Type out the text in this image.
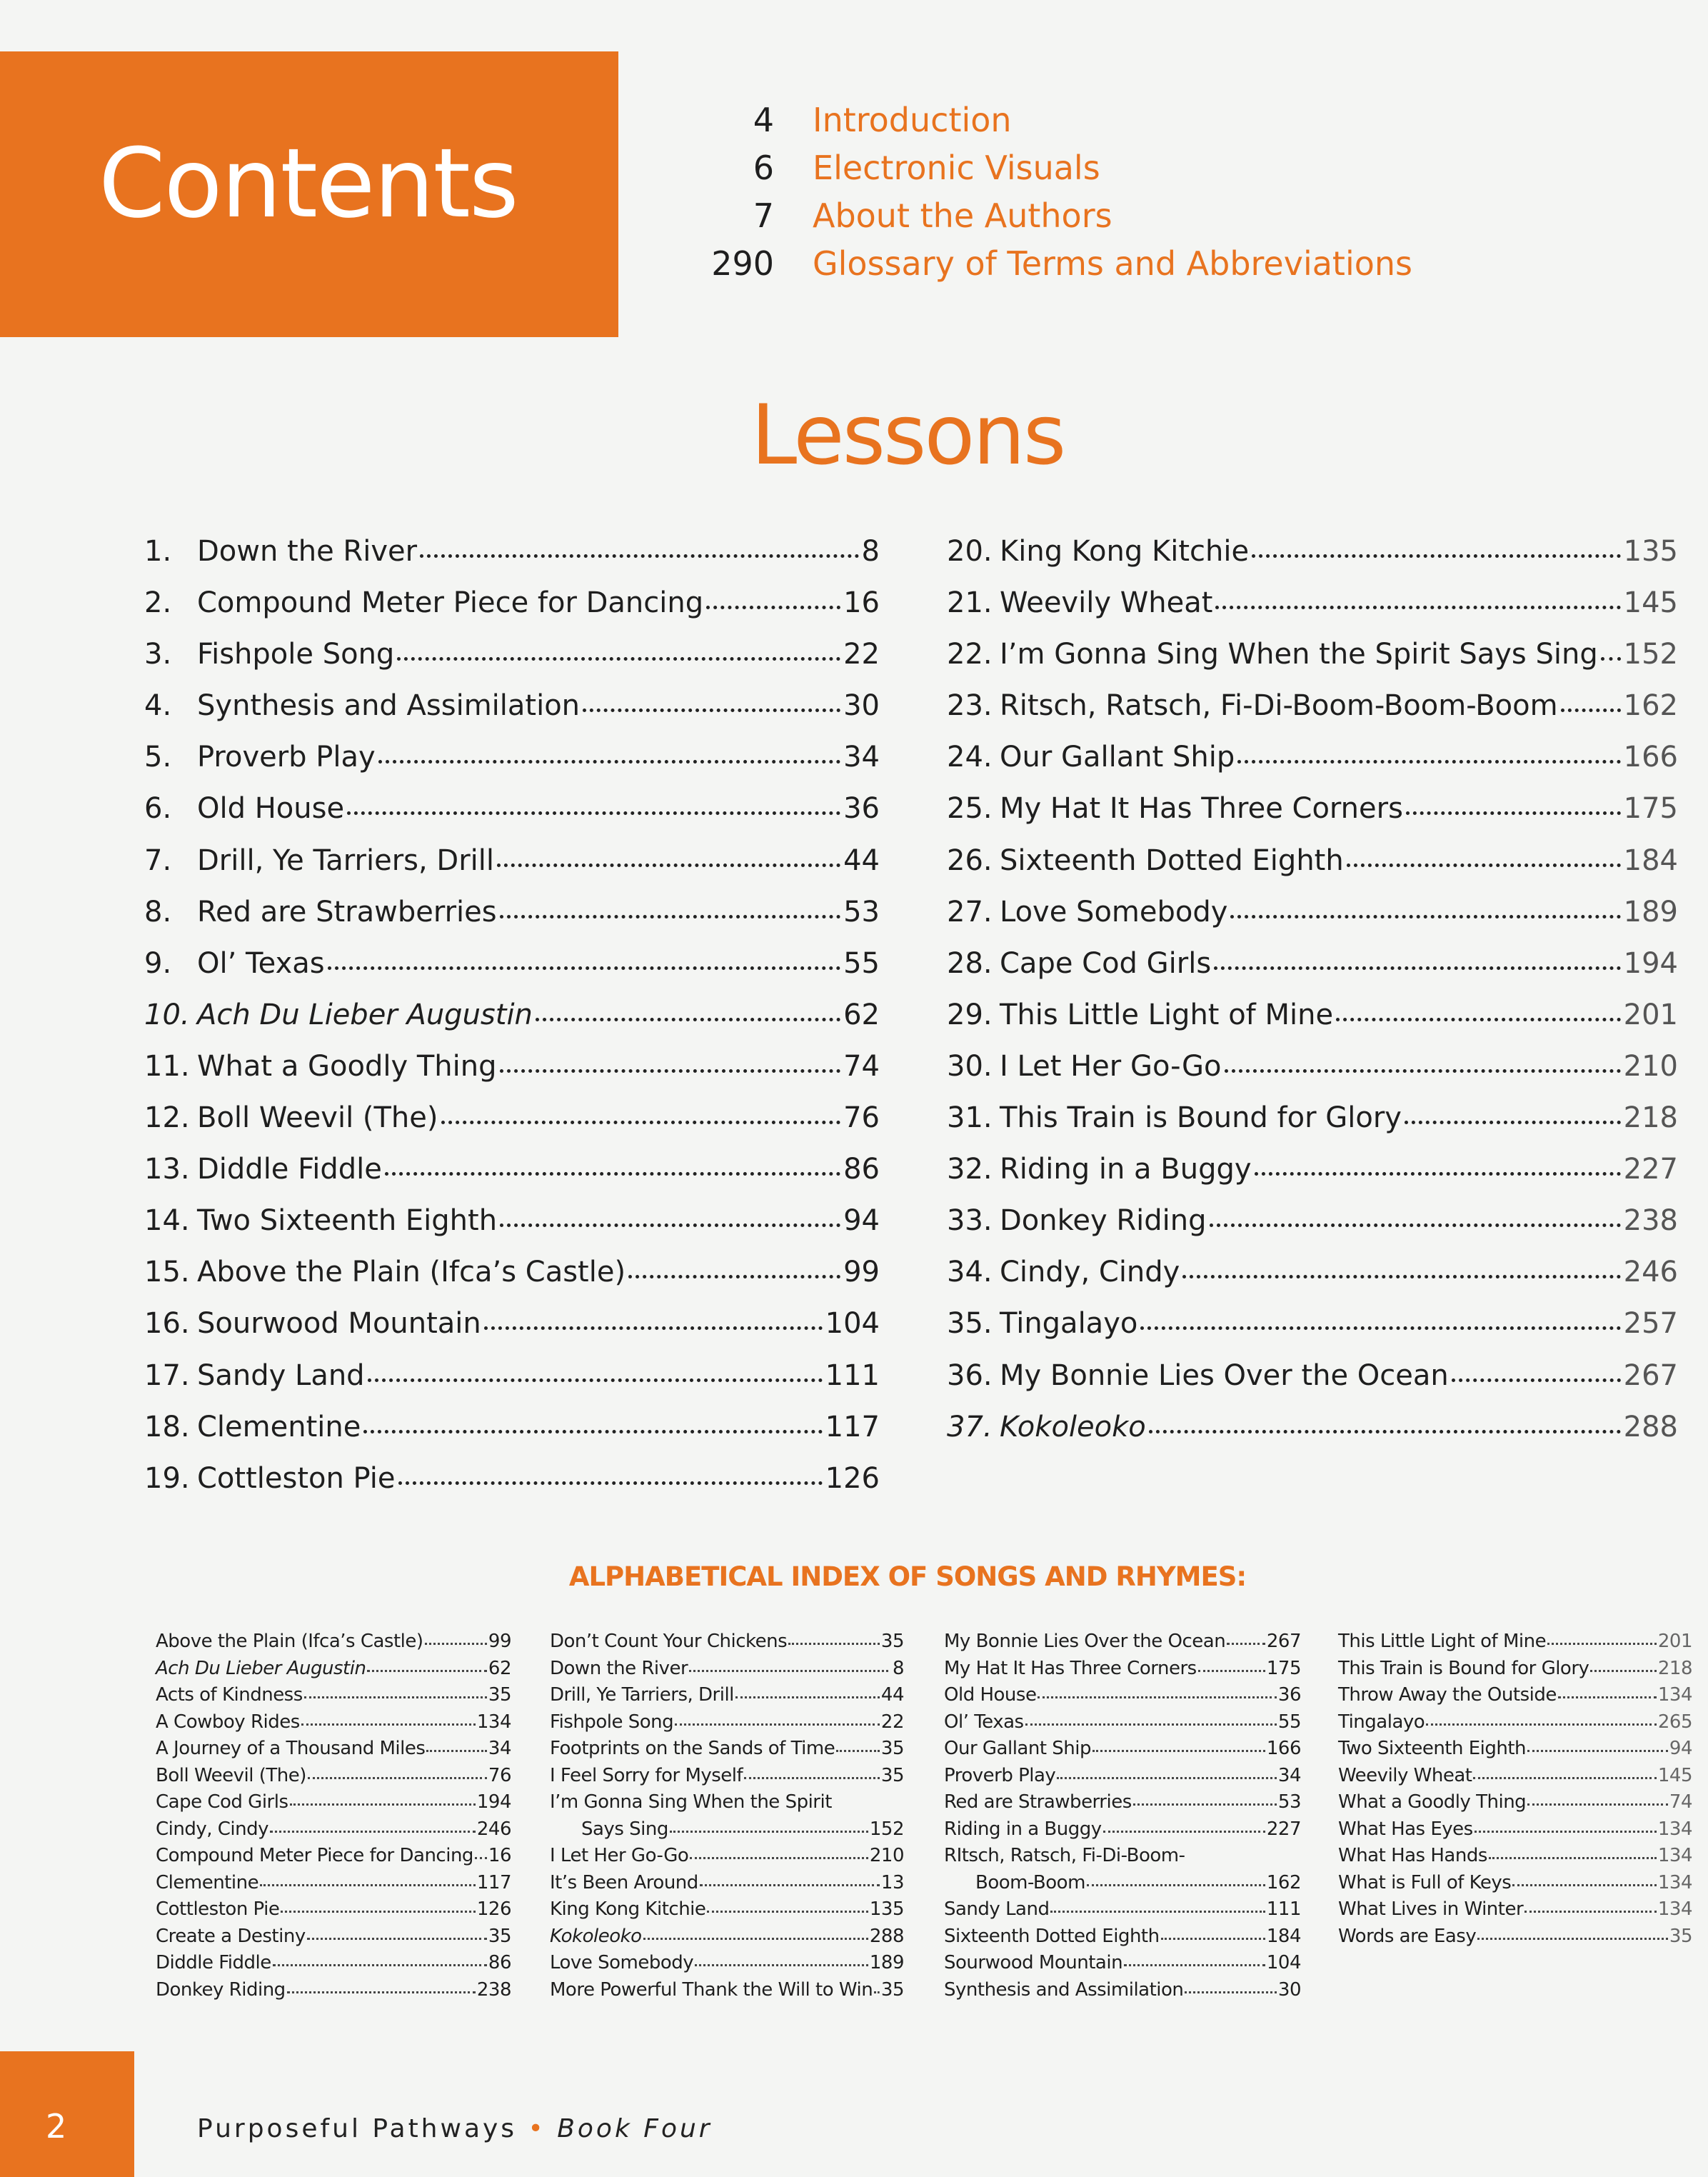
Contents
4	Introduction
6	Electronic Visuals
7	About the Authors
290	Glossary of Terms and Abbreviations
Lessons
1. Down the River	8
2. Compound Meter Piece for Dancing	16
3. Fishpole Song	22
4. Synthesis and Assimilation	30
5. Proverb Play	34
6. Old House	36
7. Drill, Ye Tarriers, Drill	44
8. Red are Strawberries	53
9. Ol’ Texas	55
10. Ach Du Lieber Augustin	62
11. What a Goodly Thing	74
12. Boll Weevil (The)	76
13. Diddle Fiddle	86
14. Two Sixteenth Eighth	94
15. Above the Plain (Ifca’s Castle)	99
16. Sourwood Mountain	104
17. Sandy Land	111
18. Clementine	117
19. Cottleston Pie	126
20. King Kong Kitchie	135
21. Weevily Wheat	145
22. I’m Gonna Sing When the Spirit Says Sing 152
23. Ritsch, Ratsch, Fi-Di-Boom-Boom-Boom 162
24. Our Gallant Ship	166
25. My Hat It Has Three Corners	175
26. Sixteenth Dotted Eighth	184
27. Love Somebody	189
28. Cape Cod Girls	194
29. This Little Light of Mine	201
30. I Let Her Go-Go	210
31. This Train is Bound for Glory	218
32. Riding in a Buggy	227
33. Donkey Riding	238
34. Cindy, Cindy	246
35. Tingalayo	257
36. My Bonnie Lies Over the Ocean	267
37. Kokoleoko	288
ALPHABETICAL INDEX OF SONGS AND RHYMES:
Above the Plain (Ifca’s Castle)	99
Ach Du Lieber Augustin	62
Acts of Kindness	35
A Cowboy Rides	134
A Journey of a Thousand Miles	34
Boll Weevil (The)	76
Cape Cod Girls	194
Cindy, Cindy	246
Compound Meter Piece for Dancing 16
Clementine	117
Cottleston Pie	126
Create a Destiny	35
Diddle Fiddle	86
Donkey Riding	238
Don’t Count Your Chickens	35
Down the River	8
Drill, Ye Tarriers, Drill	44
Fishpole Song	22
Footprints on the Sands of Time 35
I Feel Sorry for Myself	35
I’m Gonna Sing When the Spirit
Says Sing	152
I Let Her Go-Go	210
It’s Been Around	13
King Kong Kitchie	135
Kokoleoko	288
Love Somebody	189
More Powerful Thank the Will to Win 35
My Bonnie Lies Over the Ocean 267
My Hat It Has Three Corners	175
Old House	36
Ol’ Texas	55
Our Gallant Ship	166
Proverb Play	34
Red are Strawberries	53
Riding in a Buggy	227
RItsch, Ratsch, Fi-Di-Boom-
Boom-Boom	162
Sandy Land	111
Sixteenth Dotted Eighth	184
Sourwood Mountain	104
Synthesis and Assimilation	30
This Little Light of Mine	201
This Train is Bound for Glory	218
Throw Away the Outside	134
Tingalayo	265
Two Sixteenth Eighth	94
Weevily Wheat	145
What a Goodly Thing	74
What Has Eyes	134
What Has Hands	134
What is Full of Keys	134
What Lives in Winter	134
Words are Easy	35
2	Purposeful Pathways • Book Four
